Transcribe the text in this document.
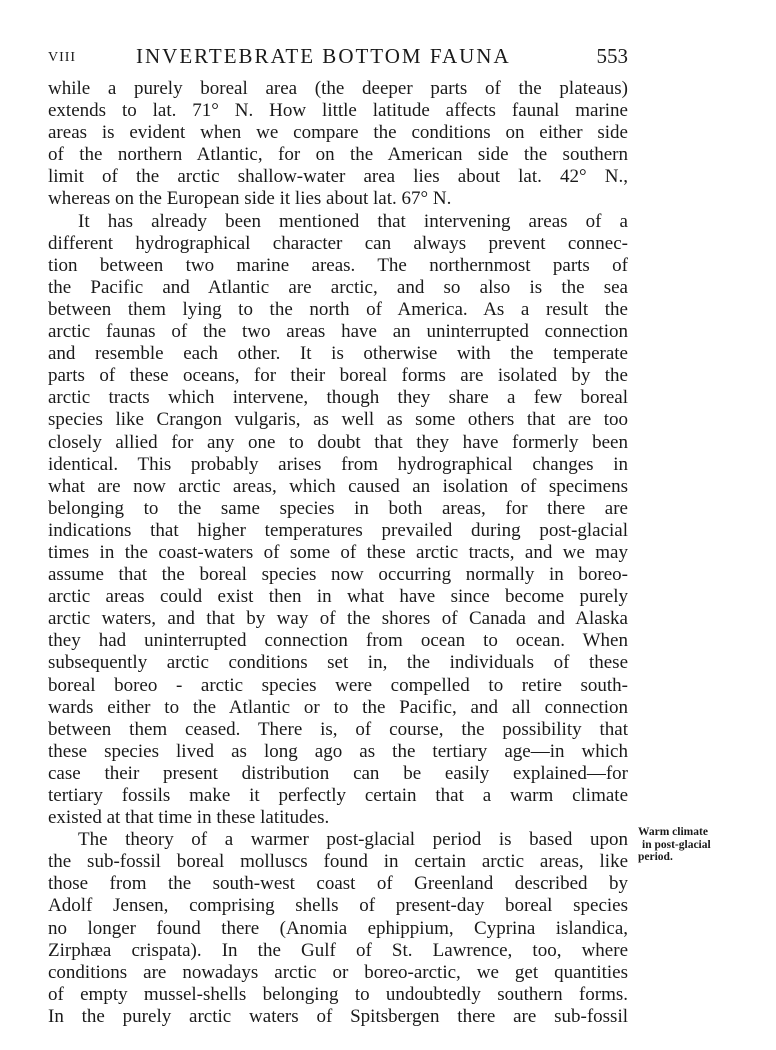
VIII	INVERTEBRATE BOTTOM FAUNA	553
while a purely boreal area (the deeper parts of the plateaus)
extends to lat. 71° N. How little latitude affects faunal marine
areas is evident when we compare the conditions on either side
of the northern Atlantic, for on the American side the southern
limit of the arctic shallow-water area lies about lat. 42° N.,
whereas on the European side it lies about lat. 67° N.
It has already been mentioned that intervening areas of a
different hydrographical character can always prevent connec-
tion between two marine areas. The northernmost parts of
the Pacific and Atlantic are arctic, and so also is the sea
between them lying to the north of America. As a result the
arctic faunas of the two areas have an uninterrupted connection
and resemble each other. It is otherwise with the temperate
parts of these oceans, for their boreal forms are isolated by the
arctic tracts which intervene, though they share a few boreal
species like Crangon vulgaris, as well as some others that are too
closely allied for any one to doubt that they have formerly been
identical. This probably arises from hydrographical changes in
what are now arctic areas, which caused an isolation of specimens
belonging to the same species in both areas, for there are
indications that higher temperatures prevailed during post-glacial
times in the coast-waters of some of these arctic tracts, and we may
assume that the boreal species now occurring normally in boreo-
arctic areas could exist then in what have since become purely
arctic waters, and that by way of the shores of Canada and Alaska
they had uninterrupted connection from ocean to ocean. When
subsequently arctic conditions set in, the individuals of these
boreal boreo - arctic species were compelled to retire south-
wards either to the Atlantic or to the Pacific, and all connection
between them ceased. There is, of course, the possibility that
these species lived as long ago as the tertiary age—in which
case their present distribution can be easily explained—for
tertiary fossils make it perfectly certain that a warm climate
existed at that time in these latitudes.
The theory of a warmer post-glacial period is based upon
the sub-fossil boreal molluscs found in certain arctic areas, like
those from the south-west coast of Greenland described by
Adolf Jensen, comprising shells of present-day boreal species
no longer found there (Anomia ephippium, Cyprina islandica,
Zirphæa crispata). In the Gulf of St. Lawrence, too, where
conditions are nowadays arctic or boreo-arctic, we get quantities
of empty mussel-shells belonging to undoubtedly southern forms.
In the purely arctic waters of Spitsbergen there are sub-fossil
Warm climate
in post-glacial
period.
